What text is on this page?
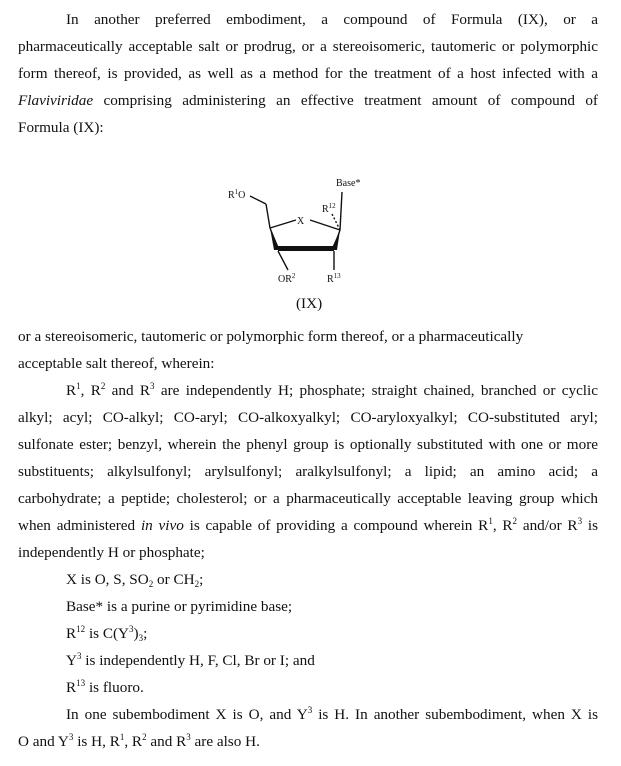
In another preferred embodiment, a compound of Formula (IX), or a
pharmaceutically acceptable salt or prodrug, or a stereoisomeric, tautomeric or polymorphic
form thereof, is provided, as well as a method for the treatment of a host infected with a
Flaviviridae comprising administering an effective treatment amount of compound of
Formula (IX):
Base*
$R^1O$
X
$R^{12}$
$OR^2$	$R^{13}$
(IX)
or a stereoisomeric, tautomeric or polymorphic form thereof, or a pharmaceutically
acceptable salt thereof, wherein:
$R^1$, $R^2$ and $R^3$ are independently H; phosphate; straight chained, branched or cyclic
alkyl; acyl; CO-alkyl; CO-aryl; CO-alkoxyalkyl; CO-aryloxyalkyl; CO-substituted aryl;
sulfonate ester; benzyl, wherein the phenyl group is optionally substituted with one or more
substituents; alkylsulfonyl; arylsulfonyl; aralkylsulfonyl; a lipid; an amino acid; a
carbohydrate; a peptide; cholesterol; or a pharmaceutically acceptable leaving group which
when administered in vivo is capable of providing a compound wherein $R^1$, $R^2$ and/or $R^3$ is
independently H or phosphate;
X is O, S, $SO_2$ or $CH_2$;
Base* is a purine or pyrimidine base;
$R^{12}$ is $C(Y^3)_3$;
$Y^3$ is independently H, F, Cl, Br or I; and
$R^{13}$ is fluoro.
In one subembodiment X is O, and $Y^3$ is H. In another subembodiment, when X is
O and $Y^3$ is H, $R^1$, $R^2$ and $R^3$ are also H.
